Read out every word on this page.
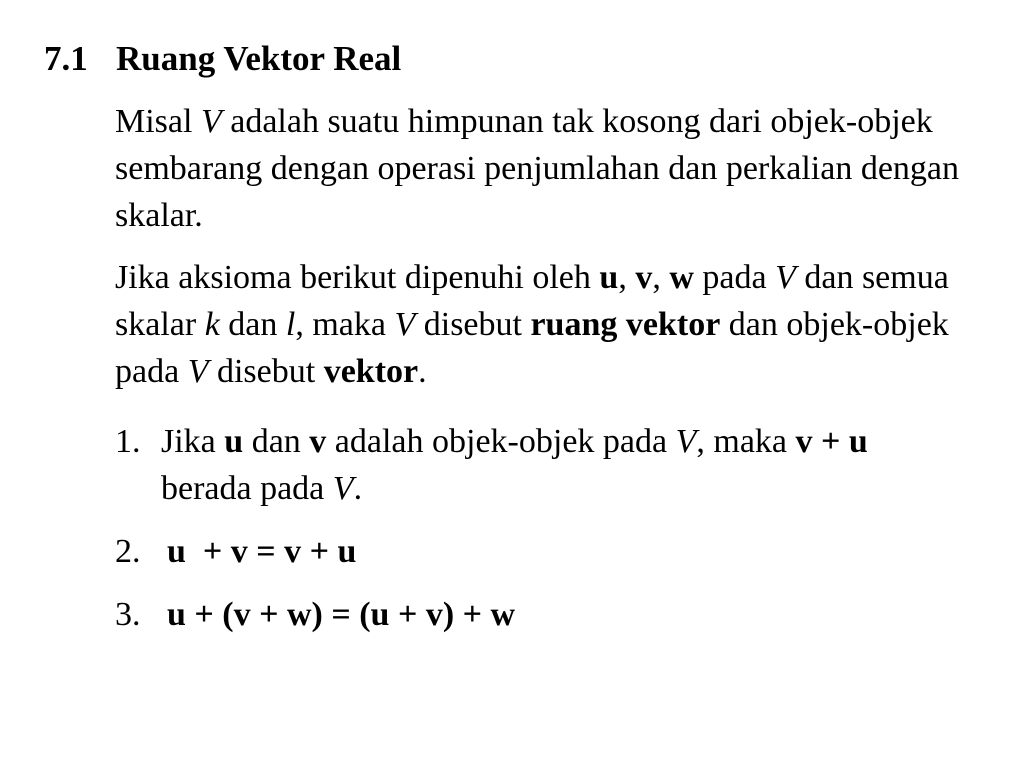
7.1 Ruang Vektor Real
Misal V adalah suatu himpunan tak kosong dari objek-objek sembarang dengan operasi penjumlahan dan perkalian dengan skalar.
Jika aksioma berikut dipenuhi oleh u, v, w pada V dan semua skalar k dan l, maka V disebut ruang vektor dan objek-objek pada V disebut vektor.
1. Jika u dan v adalah objek-objek pada V, maka v + u
berada pada V.
2. u  + v = v + u
3. u + (v + w) = (u + v) + w
